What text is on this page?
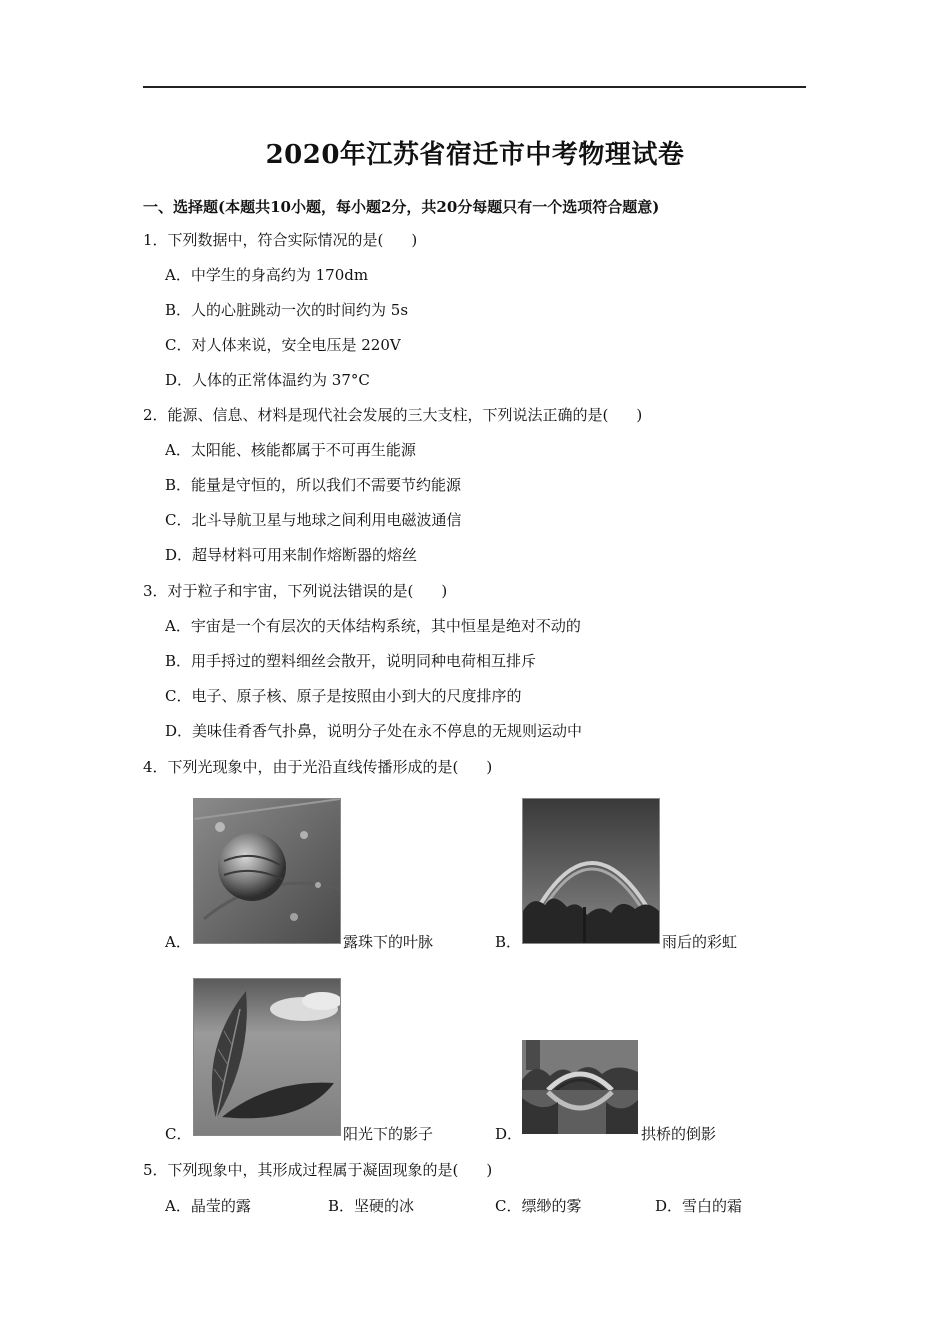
2020年江苏省宿迁市中考物理试卷
一、选择题(本题共10小题，每小题2分，共20分每题只有一个选项符合题意)
1．下列数据中，符合实际情况的是( )
A．中学生的身高约为 170dm
B．人的心脏跳动一次的时间约为 5s
C．对人体来说，安全电压是 220V
D．人体的正常体温约为 37°C
2．能源、信息、材料是现代社会发展的三大支柱，下列说法正确的是( )
A．太阳能、核能都属于不可再生能源
B．能量是守恒的，所以我们不需要节约能源
C．北斗导航卫星与地球之间利用电磁波通信
D．超导材料可用来制作熔断器的熔丝
3．对于粒子和宇宙，下列说法错误的是( )
A．宇宙是一个有层次的天体结构系统，其中恒星是绝对不动的
B．用手捋过的塑料细丝会散开，说明同种电荷相互排斥
C．电子、原子核、原子是按照由小到大的尺度排序的
D．美味佳肴香气扑鼻，说明分子处在永不停息的无规则运动中
4．下列光现象中，由于光沿直线传播形成的是( )
A．	露珠下的叶脉	B．	雨后的彩虹
C．	阳光下的影子	D．	拱桥的倒影
5．下列现象中，其形成过程属于凝固现象的是( )
A．晶莹的露	B．坚硬的冰	C．缥缈的雾	D．雪白的霜
